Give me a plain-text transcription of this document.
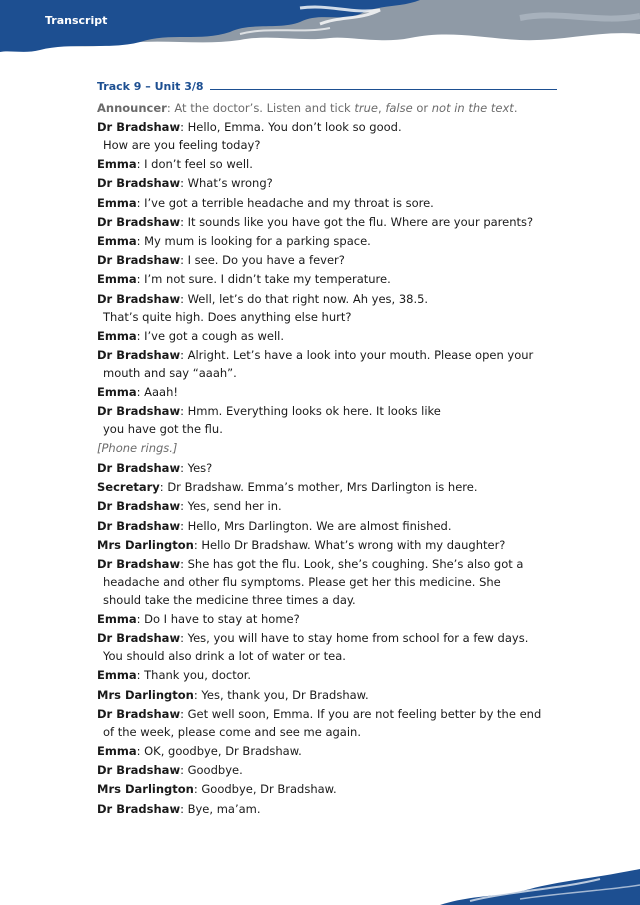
Transcript
Track 9 – Unit 3/8
Announcer: At the doctor’s. Listen and tick true, false or not in the text.
Dr Bradshaw: Hello, Emma. You don’t look so good.
How are you feeling today?
Emma: I don’t feel so well.
Dr Bradshaw: What’s wrong?
Emma: I’ve got a terrible headache and my throat is sore.
Dr Bradshaw: It sounds like you have got the flu. Where are your parents?
Emma: My mum is looking for a parking space.
Dr Bradshaw: I see. Do you have a fever?
Emma: I’m not sure. I didn’t take my temperature.
Dr Bradshaw: Well, let’s do that right now. Ah yes, 38.5.
That’s quite high. Does anything else hurt?
Emma: I’ve got a cough as well.
Dr Bradshaw: Alright. Let’s have a look into your mouth. Please open your
mouth and say “aaah”.
Emma: Aaah!
Dr Bradshaw: Hmm. Everything looks ok here. It looks like
you have got the flu.
[Phone rings.]
Dr Bradshaw: Yes?
Secretary: Dr Bradshaw. Emma’s mother, Mrs Darlington is here.
Dr Bradshaw: Yes, send her in.
Dr Bradshaw: Hello, Mrs Darlington. We are almost finished.
Mrs Darlington: Hello Dr Bradshaw. What’s wrong with my daughter?
Dr Bradshaw: She has got the flu. Look, she’s coughing. She’s also got a
headache and other flu symptoms. Please get her this medicine. She
should take the medicine three times a day.
Emma: Do I have to stay at home?
Dr Bradshaw: Yes, you will have to stay home from school for a few days.
You should also drink a lot of water or tea.
Emma: Thank you, doctor.
Mrs Darlington: Yes, thank you, Dr Bradshaw.
Dr Bradshaw: Get well soon, Emma. If you are not feeling better by the end
of the week, please come and see me again.
Emma: OK, goodbye, Dr Bradshaw.
Dr Bradshaw: Goodbye.
Mrs Darlington: Goodbye, Dr Bradshaw.
Dr Bradshaw: Bye, ma’am.
